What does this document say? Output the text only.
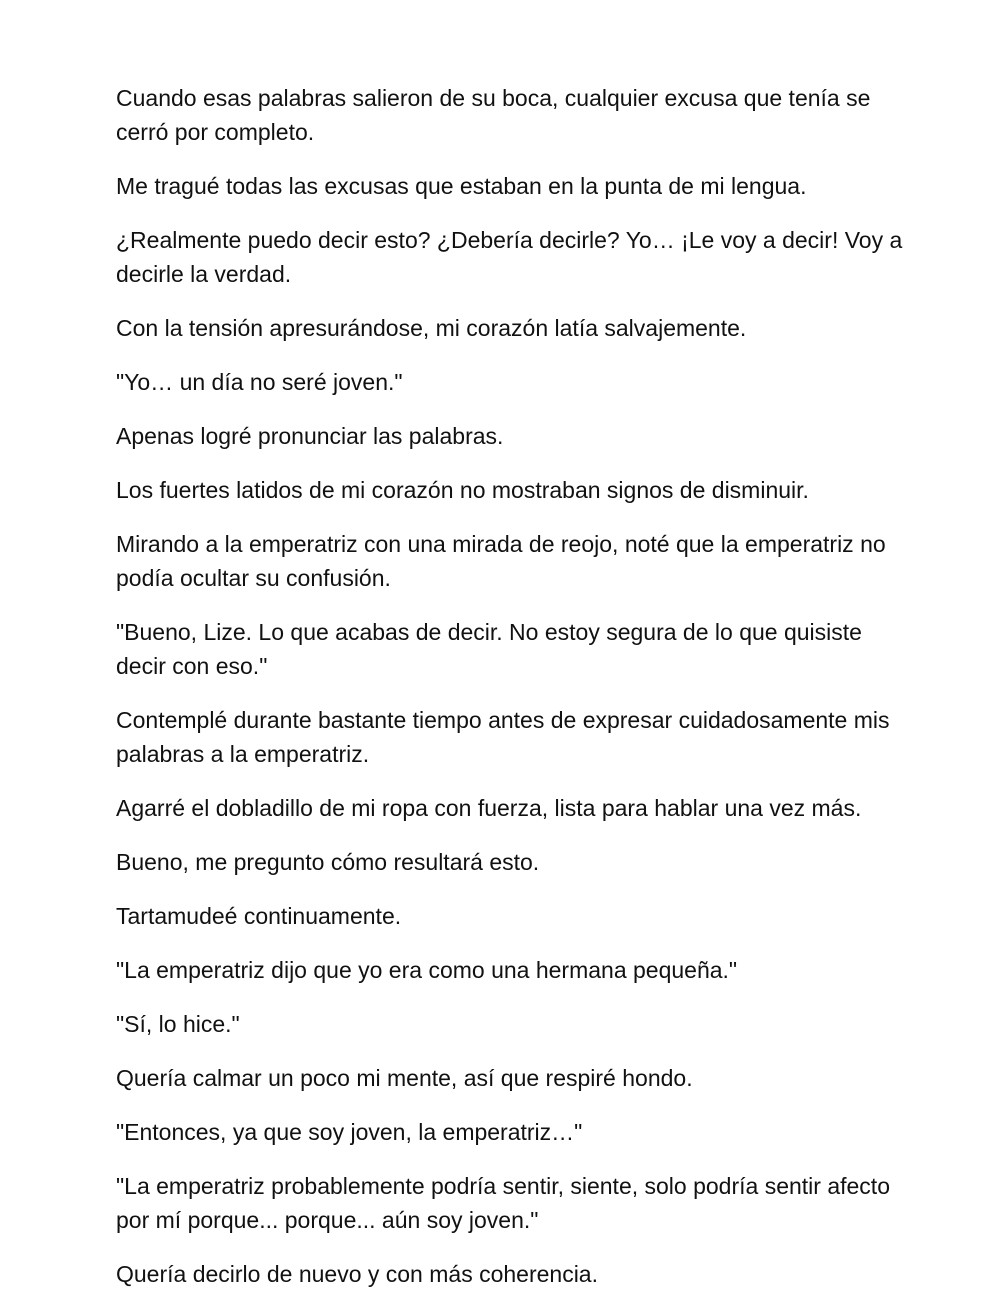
Cuando esas palabras salieron de su boca, cualquier excusa que tenía se cerró por completo.

Me tragué todas las excusas que estaban en la punta de mi lengua.

¿Realmente puedo decir esto? ¿Debería decirle? Yo… ¡Le voy a decir! Voy a decirle la verdad.

Con la tensión apresurándose, mi corazón latía salvajemente.

"Yo… un día no seré joven."

Apenas logré pronunciar las palabras.

Los fuertes latidos de mi corazón no mostraban signos de disminuir.

Mirando a la emperatriz con una mirada de reojo, noté que la emperatriz no podía ocultar su confusión.

"Bueno, Lize. Lo que acabas de decir. No estoy segura de lo que quisiste decir con eso."

Contemplé durante bastante tiempo antes de expresar cuidadosamente mis palabras a la emperatriz.

Agarré el dobladillo de mi ropa con fuerza, lista para hablar una vez más.

Bueno, me pregunto cómo resultará esto.

Tartamudeé continuamente.

"La emperatriz dijo que yo era como una hermana pequeña."

"Sí, lo hice."

Quería calmar un poco mi mente, así que respiré hondo.

"Entonces, ya que soy joven, la emperatriz…"

"La emperatriz probablemente podría sentir, siente, solo podría sentir afecto por mí porque... porque... aún soy joven."

Quería decirlo de nuevo y con más coherencia.
